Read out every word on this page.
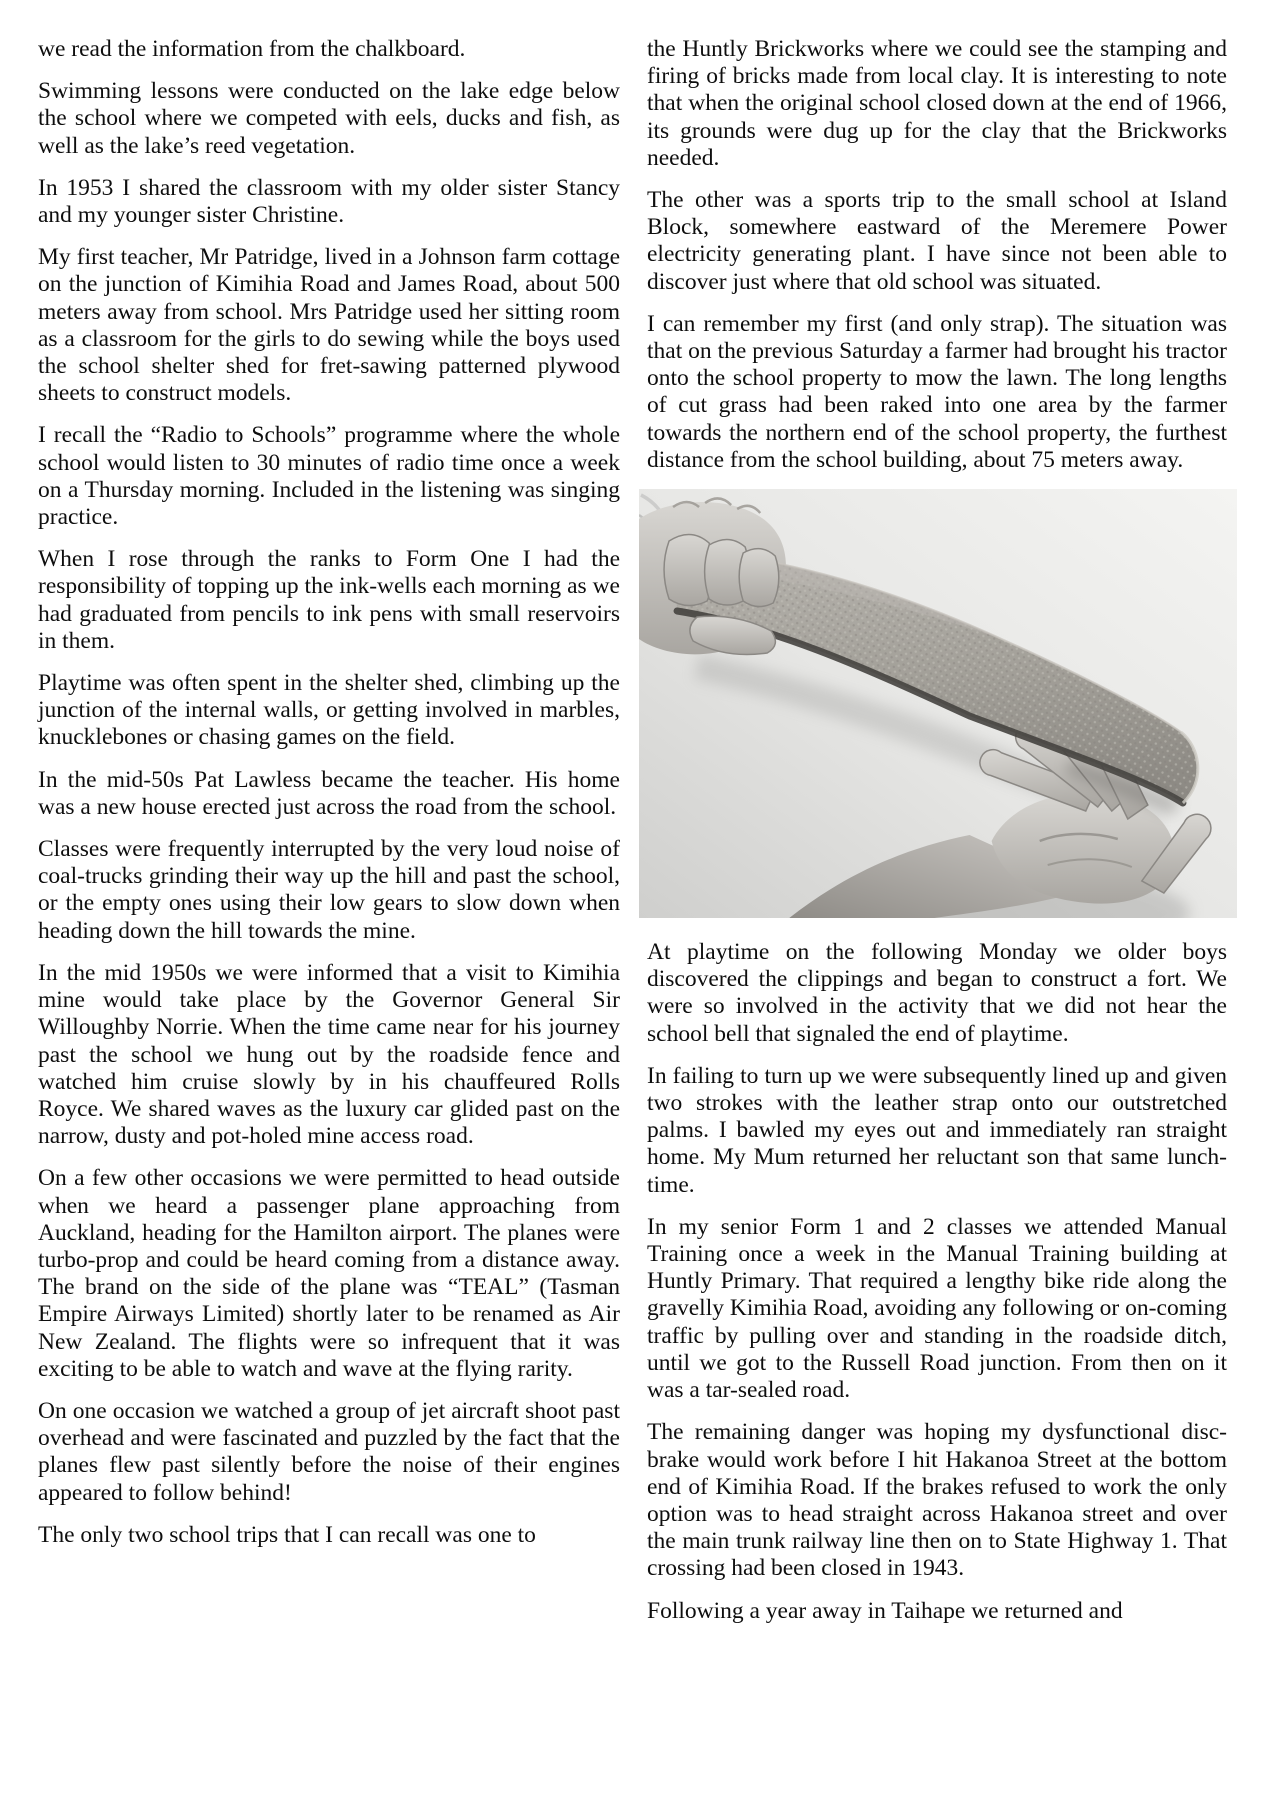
we read the information from the chalkboard.

Swimming lessons were conducted on the lake edge below the school where we competed with eels, ducks and fish, as well as the lake’s reed vegetation.

In 1953 I shared the classroom with my older sister Stancy and my younger sister Christine.

My first teacher, Mr Patridge, lived in a Johnson farm cottage on the junction of Kimihia Road and James Road, about 500 meters away from school. Mrs Patridge used her sitting room as a classroom for the girls to do sewing while the boys used the school shelter shed for fret-sawing patterned plywood sheets to construct models.

I recall the “Radio to Schools” programme where the whole school would listen to 30 minutes of radio time once a week on a Thursday morning. Included in the listening was singing practice.

When I rose through the ranks to Form One I had the responsibility of topping up the ink-wells each morning as we had graduated from pencils to ink pens with small reservoirs in them.

Playtime was often spent in the shelter shed, climbing up the junction of the internal walls, or getting involved in marbles, knucklebones or chasing games on the field.

In the mid-50s Pat Lawless became the teacher. His home was a new house erected just across the road from the school.

Classes were frequently interrupted by the very loud noise of coal-trucks grinding their way up the hill and past the school, or the empty ones using their low gears to slow down when heading down the hill towards the mine.

In the mid 1950s we were informed that a visit to Kimihia mine would take place by the Governor General Sir Willoughby Norrie. When the time came near for his journey past the school we hung out by the roadside fence and watched him cruise slowly by in his chauffeured Rolls Royce. We shared waves as the luxury car glided past on the narrow, dusty and pot-holed mine access road.

On a few other occasions we were permitted to head outside when we heard a passenger plane approaching from Auckland, heading for the Hamilton airport. The planes were turbo-prop and could be heard coming from a distance away. The brand on the side of the plane was “TEAL” (Tasman Empire Airways Limited) shortly later to be renamed as Air New Zealand. The flights were so infrequent that it was exciting to be able to watch and wave at the flying rarity.

On one occasion we watched a group of jet aircraft shoot past overhead and were fascinated and puzzled by the fact that the planes flew past silently before the noise of their engines appeared to follow behind!

The only two school trips that I can recall was one to

the Huntly Brickworks where we could see the stamping and firing of bricks made from local clay. It is interesting to note that when the original school closed down at the end of 1966, its grounds were dug up for the clay that the Brickworks needed.

The other was a sports trip to the small school at Island Block, somewhere eastward of the Meremere Power electricity generating plant. I have since not been able to discover just where that old school was situated.

I can remember my first (and only strap). The situation was that on the previous Saturday a farmer had brought his tractor onto the school property to mow the lawn. The long lengths of cut grass had been raked into one area by the farmer towards the northern end of the school property, the furthest distance from the school building, about 75 meters away.

At playtime on the following Monday we older boys discovered the clippings and began to construct a fort. We were so involved in the activity that we did not hear the school bell that signaled the end of playtime.

In failing to turn up we were subsequently lined up and given two strokes with the leather strap onto our outstretched palms. I bawled my eyes out and immediately ran straight home. My Mum returned her reluctant son that same lunch-time.

In my senior Form 1 and 2 classes we attended Manual Training once a week in the Manual Training building at Huntly Primary. That required a lengthy bike ride along the gravelly Kimihia Road, avoiding any following or on-coming traffic by pulling over and standing in the roadside ditch, until we got to the Russell Road junction. From then on it was a tar-sealed road.

The remaining danger was hoping my dysfunctional disc-brake would work before I hit Hakanoa Street at the bottom end of Kimihia Road. If the brakes refused to work the only option was to head straight across Hakanoa street and over the main trunk railway line then on to State Highway 1. That crossing had been closed in 1943.

Following a year away in Taihape we returned and
